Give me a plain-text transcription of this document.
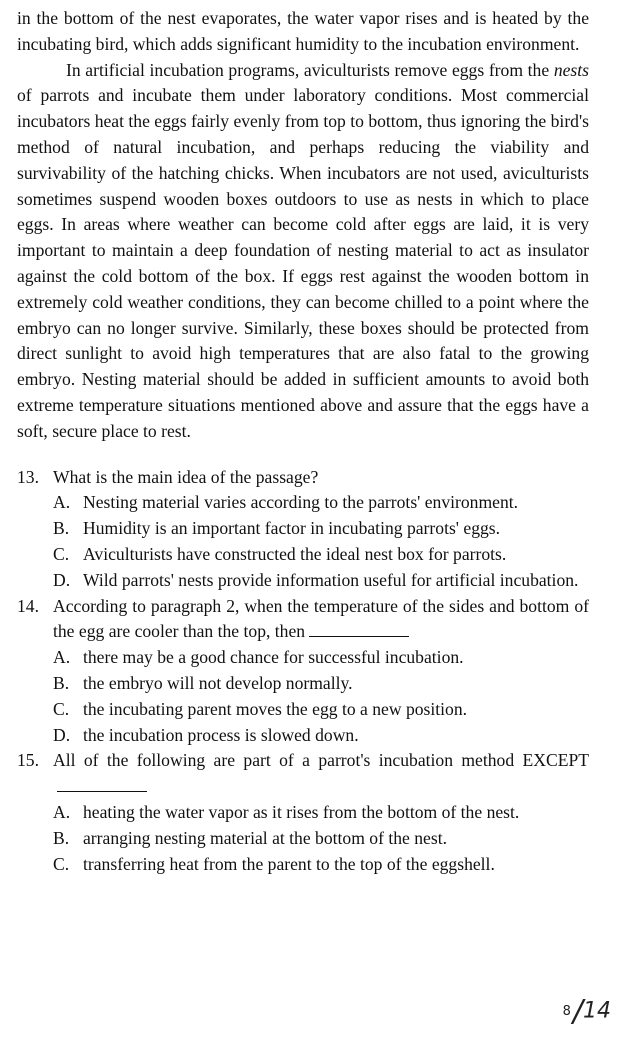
in the bottom of the nest evaporates, the water vapor rises and is heated by the incubating bird, which adds significant humidity to the incubation environment.

In artificial incubation programs, aviculturists remove eggs from the nests of parrots and incubate them under laboratory conditions. Most commercial incubators heat the eggs fairly evenly from top to bottom, thus ignoring the bird's method of natural incubation, and perhaps reducing the viability and survivability of the hatching chicks. When incubators are not used, aviculturists sometimes suspend wooden boxes outdoors to use as nests in which to place eggs. In areas where weather can become cold after eggs are laid, it is very important to maintain a deep foundation of nesting material to act as insulator against the cold bottom of the box. If eggs rest against the wooden bottom in extremely cold weather conditions, they can become chilled to a point where the embryo can no longer survive. Similarly, these boxes should be protected from direct sunlight to avoid high temperatures that are also fatal to the growing embryo. Nesting material should be added in sufficient amounts to avoid both extreme temperature situations mentioned above and assure that the eggs have a soft, secure place to rest.

13. What is the main idea of the passage?
A. Nesting material varies according to the parrots' environment.
B. Humidity is an important factor in incubating parrots' eggs.
C. Aviculturists have constructed the ideal nest box for parrots.
D. Wild parrots' nests provide information useful for artificial incubation.
14. According to paragraph 2, when the temperature of the sides and bottom of the egg are cooler than the top, then
A. there may be a good chance for successful incubation.
B. the embryo will not develop normally.
C. the incubating parent moves the egg to a new position.
D. the incubation process is slowed down.
15. All of the following are part of a parrot's incubation method EXCEPT
A. heating the water vapor as it rises from the bottom of the nest.
B. arranging nesting material at the bottom of the nest.
C. transferring heat from the parent to the top of the eggshell.
8/14
